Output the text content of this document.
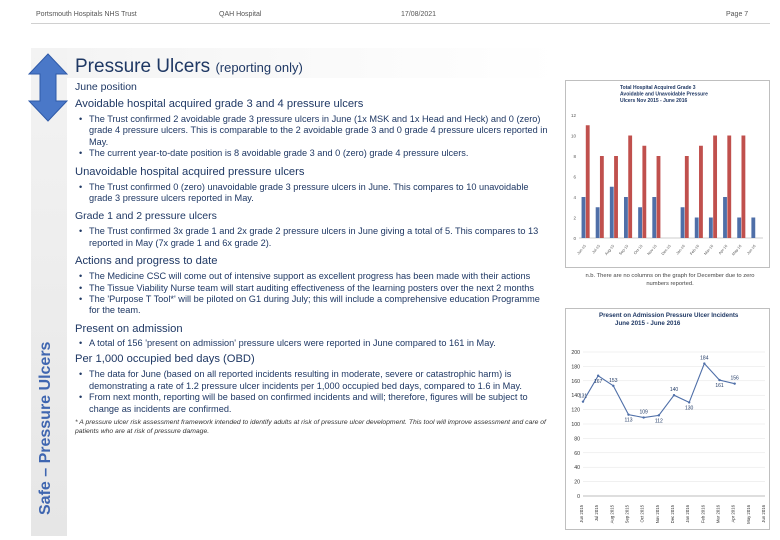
Portsmouth Hospitals NHS Trust	QAH Hospital	17/08/2021	Page 7
Safe – Pressure Ulcers
Pressure Ulcers (reporting only)
June position
Avoidable hospital acquired grade 3 and 4 pressure ulcers
• The Trust confirmed 2 avoidable grade 3 pressure ulcers in June (1x MSK and 1x Head and Heck) and 0 (zero) grade 4 pressure ulcers. This is comparable to the 2 avoidable grade 3 and 0 grade 4 pressure ulcers reported in May.
• The current year-to-date position is 8 avoidable grade 3 and 0 (zero) grade 4 pressure ulcers.
Unavoidable hospital acquired pressure ulcers
• The Trust confirmed 0 (zero) unavoidable grade 3 pressure ulcers in June. This compares to 10 unavoidable grade 3 pressure ulcers reported in May.
Grade 1 and 2 pressure ulcers
• The Trust confirmed 3x grade 1 and 2x grade 2 pressure ulcers in June giving a total of 5. This compares to 13 reported in May (7x grade 1 and 6x grade 2).
Actions and progress to date
• The Medicine CSC will come out of intensive support as excellent progress has been made with their actions
• The Tissue Viability Nurse team will start auditing effectiveness of the learning posters over the next 2 months
• The 'Purpose T Tool*' will be piloted on G1 during July; this will include a comprehensive education Programme for the team.
Present on admission
• A total of 156 'present on admission' pressure ulcers were reported in June compared to 161 in May.
Per 1,000 occupied bed days (OBD)
• The data for June (based on all reported incidents resulting in moderate, severe or catastrophic harm) is demonstrating a rate of 1.2 pressure ulcer incidents per 1,000 occupied bed days, compared to 1.6 in May.
• From next month, reporting will be based on confirmed incidents and will; therefore, figures will be subject to change as incidents are confirmed.
* A pressure ulcer risk assessment framework intended to identify adults at risk of pressure ulcer development. This tool will improve assessment and care of patients who are at risk of pressure damage.
Total Hospital Acquired Grade 3
Avoidable and Unavoidable Pressure
Ulcers Nov 2015 - June 2016
0
2
4
6
8
10
12
Jun-15 Jul-15 Aug-15 Sep-15 Oct-15 Nov-15 Dec-15 Jan-16 Feb-16 Mar-16 Apr-16 May-16 Jun-16
n.b. There are no columns on the graph for December due to zero numbers reported.
Present on Admission Pressure Ulcer Incidents
June 2015 - June 2016
0
20
40
60
80
100
120
140
160
180
200
Jun 2015 Jul 2015 Aug 2015 Sep 2015 Oct 2015 Nov 2015 Dec 2015 Jan 2016 Feb 2016 Mar 2016 Apr 2016 May 2016 Jun 2016
131
167 153
113
109
112
140
130
184
161
156
